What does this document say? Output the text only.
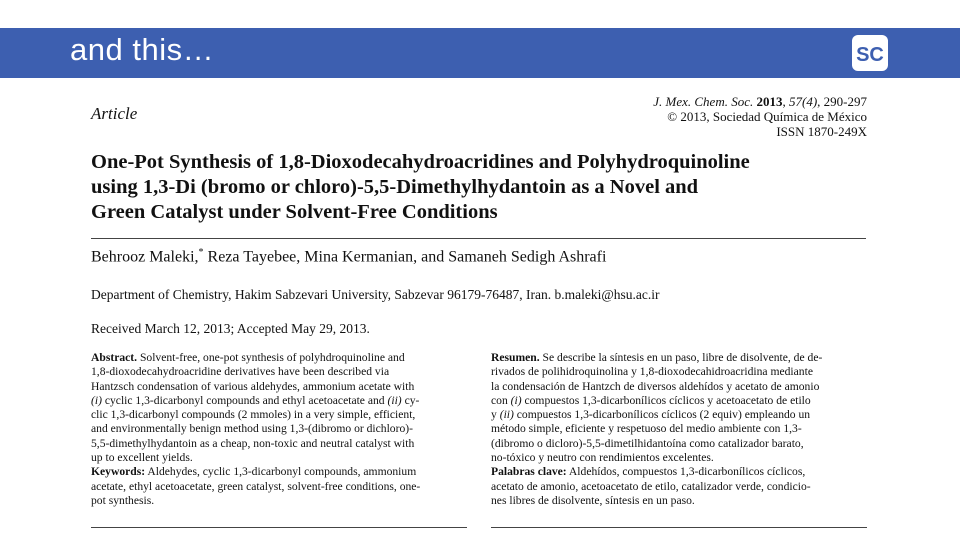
and this…	SC
Article
J. Mex. Chem. Soc. 2013, 57(4), 290-297
© 2013, Sociedad Química de México
ISSN 1870-249X
One-Pot Synthesis of 1,8-Dioxodecahydroacridines and Polyhydroquinoline
using 1,3-Di (bromo or chloro)-5,5-Dimethylhydantoin as a Novel and
Green Catalyst under Solvent-Free Conditions
Behrooz Maleki,* Reza Tayebee, Mina Kermanian, and Samaneh Sedigh Ashrafi
Department of Chemistry, Hakim Sabzevari University, Sabzevar 96179-76487, Iran. b.maleki@hsu.ac.ir
Received March 12, 2013; Accepted May 29, 2013.
Abstract. Solvent-free, one-pot synthesis of polyhdroquinoline and
1,8-dioxodecahydroacridine derivatives have been described via
Hantzsch condensation of various aldehydes, ammonium acetate with
(i) cyclic 1,3-dicarbonyl compounds and ethyl acetoacetate and (ii) cy-
clic 1,3-dicarbonyl compounds (2 mmoles) in a very simple, efficient,
and environmentally benign method using 1,3-(dibromo or dichloro)-
5,5-dimethylhydantoin as a cheap, non-toxic and neutral catalyst with
up to excellent yields.
Keywords: Aldehydes, cyclic 1,3-dicarbonyl compounds, ammonium
acetate, ethyl acetoacetate, green catalyst, solvent-free conditions, one-
pot synthesis.
Resumen. Se describe la síntesis en un paso, libre de disolvente, de de-
rivados de polihidroquinolina y 1,8-dioxodecahidroacridina mediante
la condensación de Hantzch de diversos aldehídos y acetato de amonio
con (i) compuestos 1,3-dicarbonílicos cíclicos y acetoacetato de etilo
y (ii) compuestos 1,3-dicarbonílicos cíclicos (2 equiv) empleando un
método simple, eficiente y respetuoso del medio ambiente con 1,3-
(dibromo o dicloro)-5,5-dimetilhidantoína como catalizador barato,
no-tóxico y neutro con rendimientos excelentes.
Palabras clave: Aldehídos, compuestos 1,3-dicarbonílicos cíclicos,
acetato de amonio, acetoacetato de etilo, catalizador verde, condicio-
nes libres de disolvente, síntesis en un paso.
